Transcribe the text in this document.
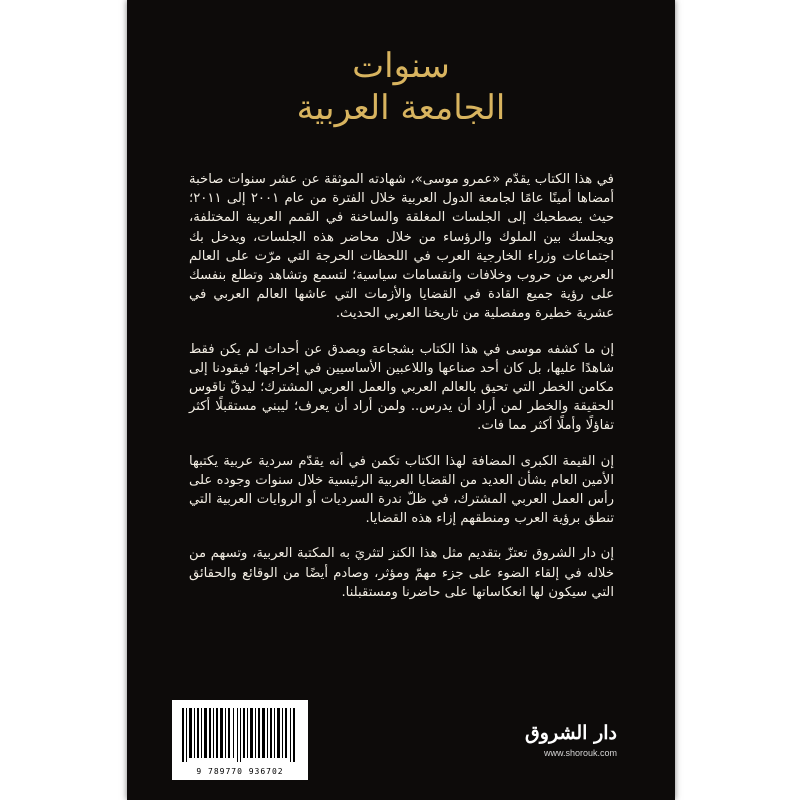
سنوات
الجامعة العربية

في هذا الكتاب يقدّم «عمرو موسى»، شهادته الموثقة عن عشر سنوات صاخبة أمضاها أمينًا عامًا لجامعة الدول العربية خلال الفترة من عام ٢٠٠١ إلى ٢٠١١؛ حيث يصطحبك إلى الجلسات المغلقة والساخنة في القمم العربية المختلفة، ويجلسك بين الملوك والرؤساء من خلال محاضر هذه الجلسات، ويدخل بك اجتماعات وزراء الخارجية العرب في اللحظات الحرجة التي مرّت على العالم العربي من حروب وخلافات وانقسامات سياسية؛ لتسمع وتشاهد وتطلع بنفسك على رؤية جميع القادة في القضايا والأزمات التي عاشها العالم العربي في عشرية خطيرة ومفصلية من تاريخنا العربي الحديث.

إن ما كشفه موسى في هذا الكتاب بشجاعة وبصدق عن أحداث لم يكن فقط شاهدًا عليها، بل كان أحد صناعها واللاعبين الأساسيين في إخراجها؛ فيقودنا إلى مكامن الخطر التي تحيق بالعالم العربي والعمل العربي المشترك؛ ليدقّ ناقوس الحقيقة والخطر لمن أراد أن يدرس.. ولمن أراد أن يعرف؛ ليبني مستقبلًا أكثر تفاؤلًا وأملًا أكثر مما فات.

إن القيمة الكبرى المضافة لهذا الكتاب تكمن في أنه يقدّم سردية عربية يكتبها الأمين العام بشأن العديد من القضايا العربية الرئيسية خلال سنوات وجوده على رأس العمل العربي المشترك، في ظلّ ندرة السرديات أو الروايات العربية التي تنطق برؤية العرب ومنطقهم إزاء هذه القضايا.

إن دار الشروق تعتزّ بتقديم مثل هذا الكنز لتثريَ به المكتبة العربية، وتسهم من خلاله في إلقاء الضوء على جزء مهمّ ومؤثر، وصادم أيضًا من الوقائع والحقائق التي سيكون لها انعكاساتها على حاضرنا ومستقبلنا.

9 789770 936702
دار الشروق
www.shorouk.com
